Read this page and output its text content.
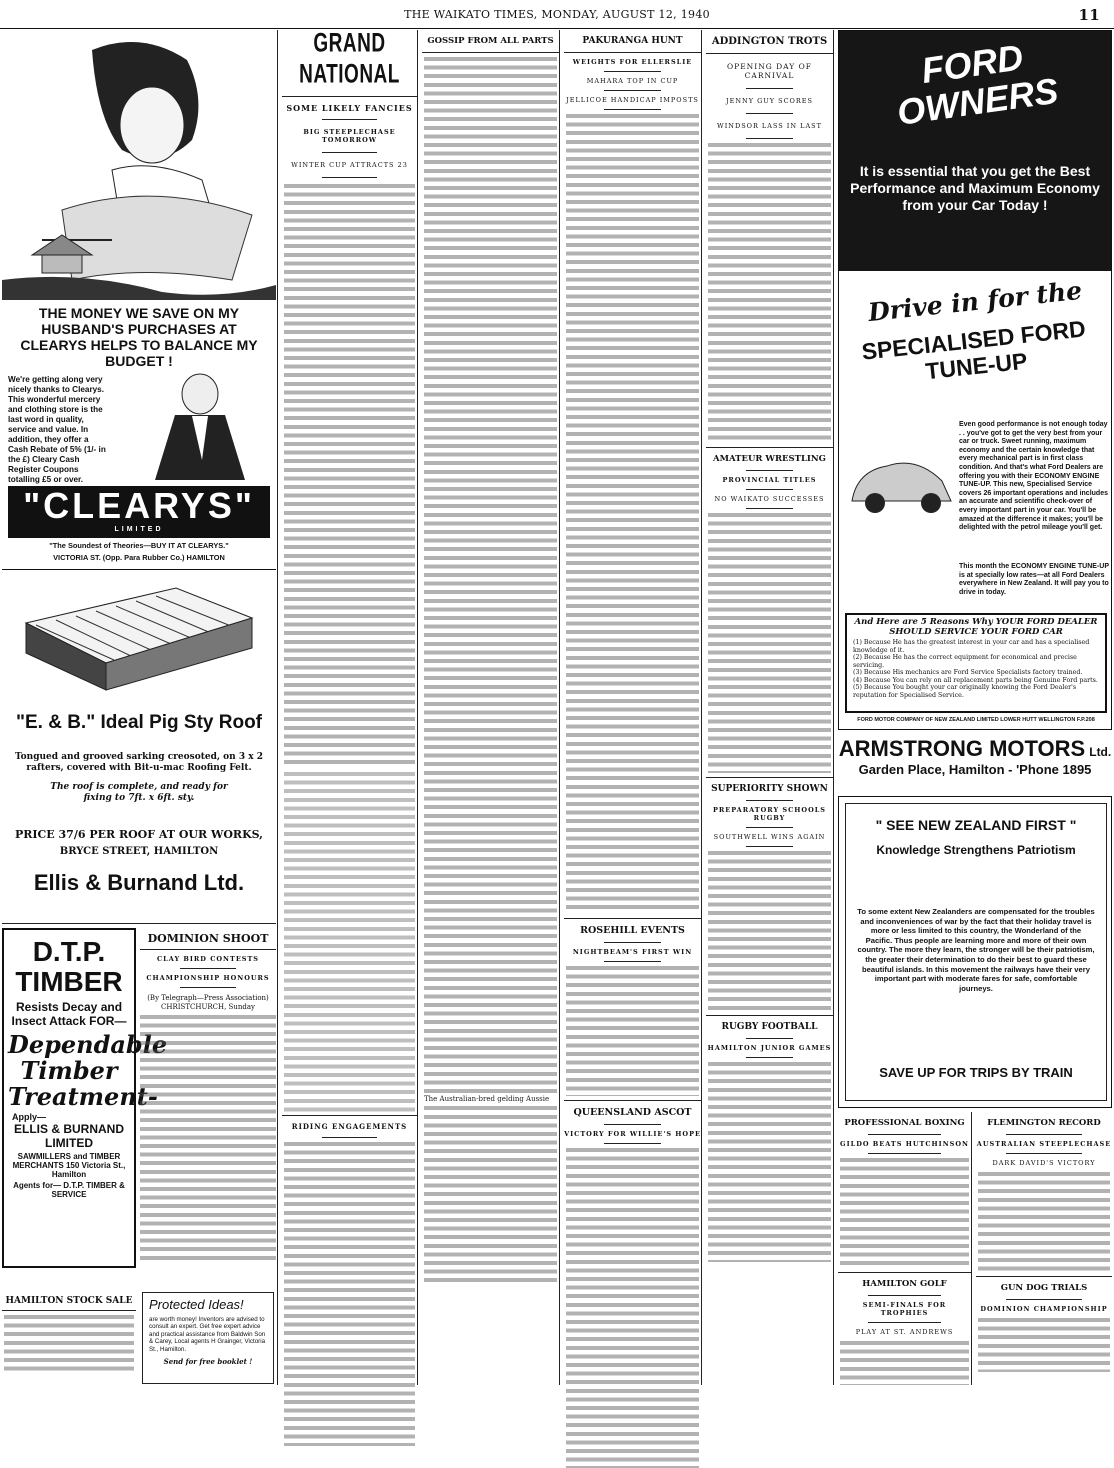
THE WAIKATO TIMES, MONDAY, AUGUST 12, 1940	11
THE MONEY WE SAVE ON MY HUSBAND'S PURCHASES AT CLEARYS HELPS TO BALANCE MY BUDGET !
We're getting along very nicely thanks to Clearys. This wonderful mercery and clothing store is the last word in quality, service and value. In addition, they offer a Cash Rebate of 5% (1/- in the £) Cleary Cash Register Coupons totalling £5 or over.
"CLEARYS"
LIMITED
"The Soundest of Theories—BUY IT AT CLEARYS."
VICTORIA ST. (Opp. Para Rubber Co.) HAMILTON
"E. & B." Ideal Pig Sty Roof
Tongued and grooved sarking creosoted, on 3 x 2 rafters, covered with Bit-u-mac Roofing Felt.
The roof is complete, and ready for fixing to 7ft. x 6ft. sty.
PRICE 37/6 PER ROOF AT OUR WORKS,
BRYCE STREET, HAMILTON
Ellis & Burnand Ltd.
D.T.P.
TIMBER
Resists Decay and Insect Attack FOR—
Dependable Timber Treatment-
Apply—
ELLIS & BURNAND LIMITED
SAWMILLERS and TIMBER MERCHANTS 150 Victoria St., Hamilton
Agents for— D.T.P. TIMBER & SERVICE
DOMINION SHOOT
CLAY BIRD CONTESTS
CHAMPIONSHIP HONOURS
(By Telegraph—Press Association)
CHRISTCHURCH, Sunday
HAMILTON STOCK SALE Protected Ideas!
are worth money! Inventors are advised to consult an expert. Get free expert advice and practical assistance from Baldwin Son & Carey, Local agents H Grainger, Victoria St., Hamilton.
Send for free booklet !
GRAND NATIONAL
SOME LIKELY FANCIES
BIG STEEPLECHASE TOMORROW
WINTER CUP ATTRACTS 23
RIDING ENGAGEMENTS
GOSSIP FROM ALL PARTS
The Australian-bred gelding Aussie
PAKURANGA HUNT
WEIGHTS FOR ELLERSLIE
MAHARA TOP IN CUP
JELLICOE HANDICAP IMPOSTS
ROSEHILL EVENTS
NIGHTBEAM'S FIRST WIN
QUEENSLAND ASCOT
VICTORY FOR WILLIE'S HOPE
ADDINGTON TROTS
OPENING DAY OF CARNIVAL
JENNY GUY SCORES
WINDSOR LASS IN LAST
AMATEUR WRESTLING
PROVINCIAL TITLES
NO WAIKATO SUCCESSES
SUPERIORITY SHOWN
PREPARATORY SCHOOLS RUGBY
SOUTHWELL WINS AGAIN
RUGBY FOOTBALL
HAMILTON JUNIOR GAMES
FORD OWNERS
It is essential that you get the Best Performance and Maximum Economy from your Car Today !
Drive in for the
SPECIALISED FORD TUNE-UP
Even good performance is not enough today . . you've got to get the very best from your car or truck. Sweet running, maximum economy and the certain knowledge that every mechanical part is in first class condition. And that's what Ford Dealers are offering you with their ECONOMY ENGINE TUNE-UP. This new, Specialised Service covers 26 important operations and includes an accurate and scientific check-over of every important part in your car. You'll be amazed at the difference it makes; you'll be delighted with the petrol mileage you'll get.
This month the ECONOMY ENGINE TUNE-UP is at specially low rates—at all Ford Dealers everywhere in New Zealand. It will pay you to drive in today.
And Here are 5 Reasons Why YOUR FORD DEALER SHOULD SERVICE YOUR FORD CAR
(1) Because He has the greatest interest in your car and has a specialised knowledge of it.
(2) Because He has the correct equipment for economical and precise servicing.
(3) Because His mechanics are Ford Service Specialists factory trained.
(4) Because You can rely on all replacement parts being Genuine Ford parts.
(5) Because You bought your car originally knowing the Ford Dealer's reputation for Specialised Service.
FORD MOTOR COMPANY OF NEW ZEALAND LIMITED LOWER HUTT WELLINGTON F.P.208
ARMSTRONG MOTORS Ltd.
Garden Place, Hamilton - 'Phone 1895
" SEE NEW ZEALAND FIRST "
Knowledge Strengthens Patriotism
To some extent New Zealanders are compensated for the troubles and inconveniences of war by the fact that their holiday travel is more or less limited to this country, the Wonderland of the Pacific. Thus people are learning more and more of their own country. The more they learn, the stronger will be their patriotism, the greater their determination to do their best to guard these beautiful islands. In this movement the railways have their very important part with moderate fares for safe, comfortable journeys.
SAVE UP FOR TRIPS BY TRAIN
PROFESSIONAL BOXING
GILDO BEATS HUTCHINSON
HAMILTON GOLF
SEMI-FINALS FOR TROPHIES
PLAY AT ST. ANDREWS
FLEMINGTON RECORD
AUSTRALIAN STEEPLECHASE
DARK DAVID'S VICTORY
GUN DOG TRIALS
DOMINION CHAMPIONSHIP
